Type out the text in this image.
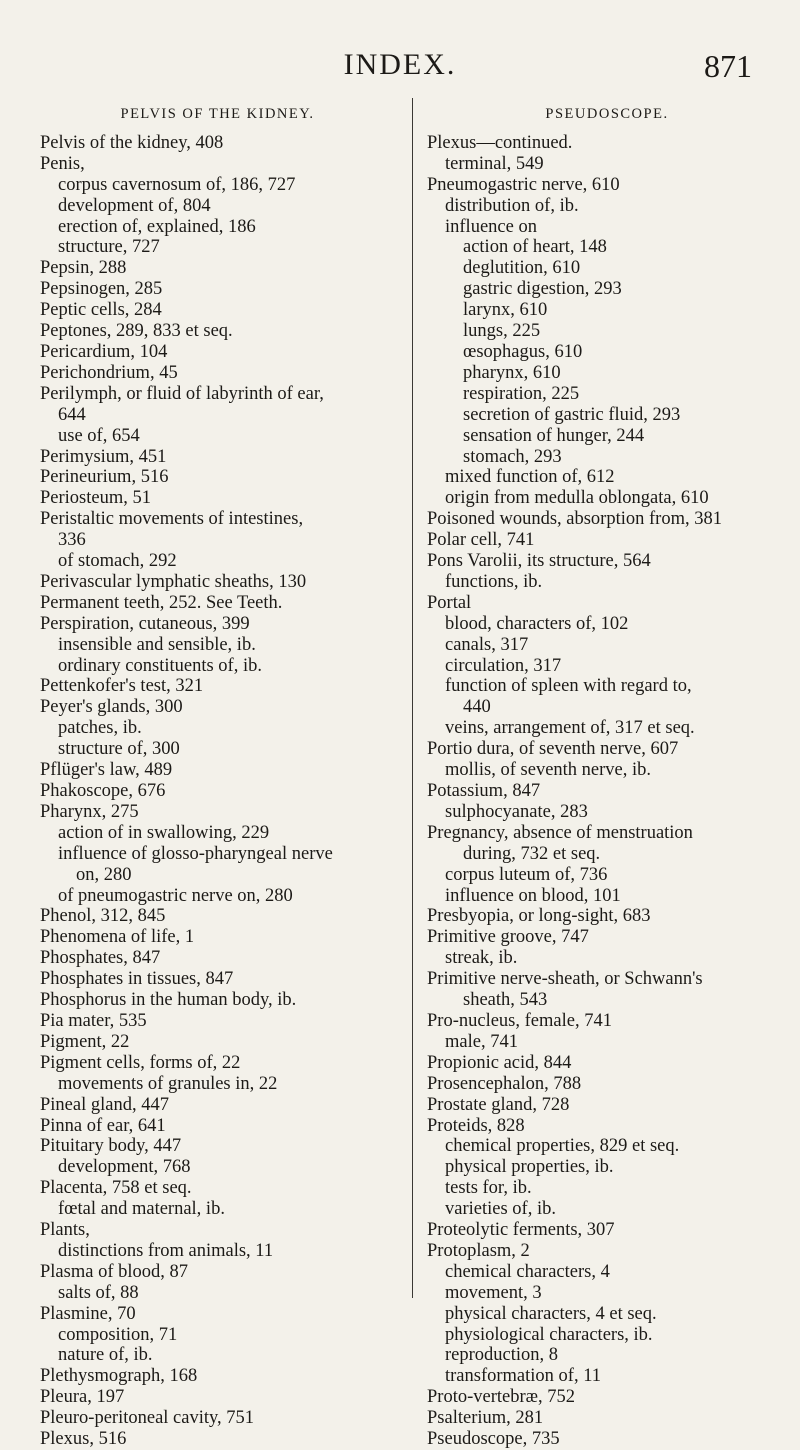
INDEX.	871
PELVIS OF THE KIDNEY.
Pelvis of the kidney, 408
Penis,
corpus cavernosum of, 186, 727
development of, 804
erection of, explained, 186
structure, 727
Pepsin, 288
Pepsinogen, 285
Peptic cells, 284
Peptones, 289, 833 et seq.
Pericardium, 104
Perichondrium, 45
Perilymph, or fluid of labyrinth of ear,
644
use of, 654
Perimysium, 451
Perineurium, 516
Periosteum, 51
Peristaltic movements of intestines,
336
of stomach, 292
Perivascular lymphatic sheaths, 130
Permanent teeth, 252. See Teeth.
Perspiration, cutaneous, 399
insensible and sensible, ib.
ordinary constituents of, ib.
Pettenkofer's test, 321
Peyer's glands, 300
patches, ib.
structure of, 300
Pflüger's law, 489
Phakoscope, 676
Pharynx, 275
action of in swallowing, 229
influence of glosso-pharyngeal nerve
on, 280
of pneumogastric nerve on, 280
Phenol, 312, 845
Phenomena of life, 1
Phosphates, 847
Phosphates in tissues, 847
Phosphorus in the human body, ib.
Pia mater, 535
Pigment, 22
Pigment cells, forms of, 22
movements of granules in, 22
Pineal gland, 447
Pinna of ear, 641
Pituitary body, 447
development, 768
Placenta, 758 et seq.
fœtal and maternal, ib.
Plants,
distinctions from animals, 11
Plasma of blood, 87
salts of, 88
Plasmine, 70
composition, 71
nature of, ib.
Plethysmograph, 168
Pleura, 197
Pleuro-peritoneal cavity, 751
Plexus, 516
PSEUDOSCOPE.
Plexus—continued.
terminal, 549
Pneumogastric nerve, 610
distribution of, ib.
influence on
action of heart, 148
deglutition, 610
gastric digestion, 293
larynx, 610
lungs, 225
œsophagus, 610
pharynx, 610
respiration, 225
secretion of gastric fluid, 293
sensation of hunger, 244
stomach, 293
mixed function of, 612
origin from medulla oblongata, 610
Poisoned wounds, absorption from, 381
Polar cell, 741
Pons Varolii, its structure, 564
functions, ib.
Portal
blood, characters of, 102
canals, 317
circulation, 317
function of spleen with regard to,
440
veins, arrangement of, 317 et seq.
Portio dura, of seventh nerve, 607
mollis, of seventh nerve, ib.
Potassium, 847
sulphocyanate, 283
Pregnancy, absence of menstruation
during, 732 et seq.
corpus luteum of, 736
influence on blood, 101
Presbyopia, or long-sight, 683
Primitive groove, 747
streak, ib.
Primitive nerve-sheath, or Schwann's
sheath, 543
Pro-nucleus, female, 741
male, 741
Propionic acid, 844
Prosencephalon, 788
Prostate gland, 728
Proteids, 828
chemical properties, 829 et seq.
physical properties, ib.
tests for, ib.
varieties of, ib.
Proteolytic ferments, 307
Protoplasm, 2
chemical characters, 4
movement, 3
physical characters, 4 et seq.
physiological characters, ib.
reproduction, 8
transformation of, 11
Proto-vertebræ, 752
Psalterium, 281
Pseudoscope, 735
